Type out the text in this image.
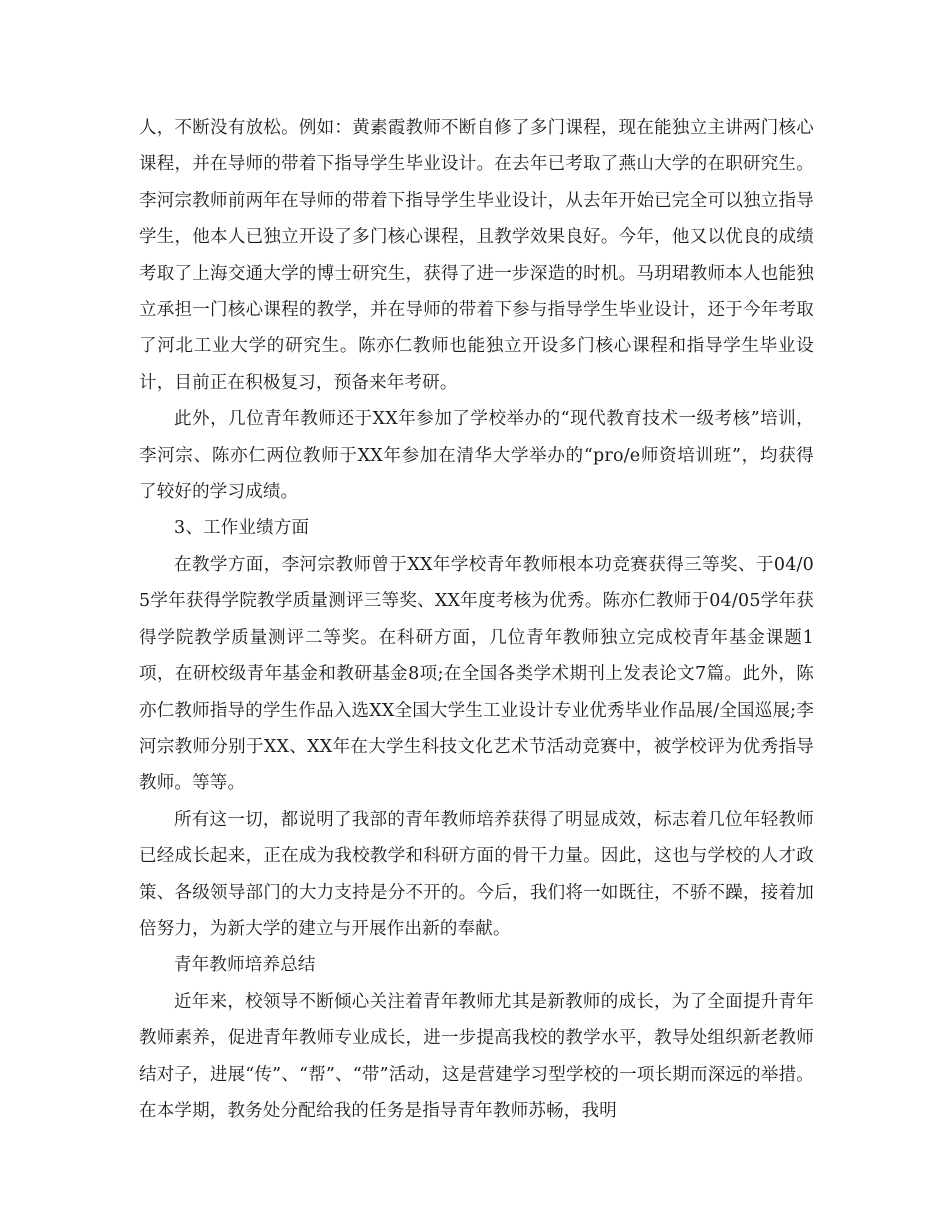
人，不断没有放松。例如：黄素霞教师不断自修了多门课程，现在能独立主讲两门核心课程，并在导师的带着下指导学生毕业设计。在去年已考取了燕山大学的在职研究生。李河宗教师前两年在导师的带着下指导学生毕业设计，从去年开始已完全可以独立指导学生，他本人已独立开设了多门核心课程，且教学效果良好。今年，他又以优良的成绩考取了上海交通大学的博士研究生，获得了进一步深造的时机。马玥珺教师本人也能独立承担一门核心课程的教学，并在导师的带着下参与指导学生毕业设计，还于今年考取了河北工业大学的研究生。陈亦仁教师也能独立开设多门核心课程和指导学生毕业设计，目前正在积极复习，预备来年考研。

此外，几位青年教师还于XX年参加了学校举办的“现代教育技术一级考核”培训，李河宗、陈亦仁两位教师于XX年参加在清华大学举办的“pro/e师资培训班”，均获得了较好的学习成绩。

3、工作业绩方面

在教学方面，李河宗教师曾于XX年学校青年教师根本功竞赛获得三等奖、于04/05学年获得学院教学质量测评三等奖、XX年度考核为优秀。陈亦仁教师于04/05学年获得学院教学质量测评二等奖。在科研方面，几位青年教师独立完成校青年基金课题1项，在研校级青年基金和教研基金8项;在全国各类学术期刊上发表论文7篇。此外，陈亦仁教师指导的学生作品入选XX全国大学生工业设计专业优秀毕业作品展/全国巡展;李河宗教师分别于XX、XX年在大学生科技文化艺术节活动竞赛中，被学校评为优秀指导教师。等等。

所有这一切，都说明了我部的青年教师培养获得了明显成效，标志着几位年轻教师已经成长起来，正在成为我校教学和科研方面的骨干力量。因此，这也与学校的人才政策、各级领导部门的大力支持是分不开的。今后，我们将一如既往，不骄不躁，接着加倍努力，为新大学的建立与开展作出新的奉献。

青年教师培养总结

近年来，校领导不断倾心关注着青年教师尤其是新教师的成长，为了全面提升青年教师素养，促进青年教师专业成长，进一步提高我校的教学水平，教导处组织新老教师结对子，进展“传”、“帮”、“带”活动，这是营建学习型学校的一项长期而深远的举措。在本学期，教务处分配给我的任务是指导青年教师苏畅，我明
